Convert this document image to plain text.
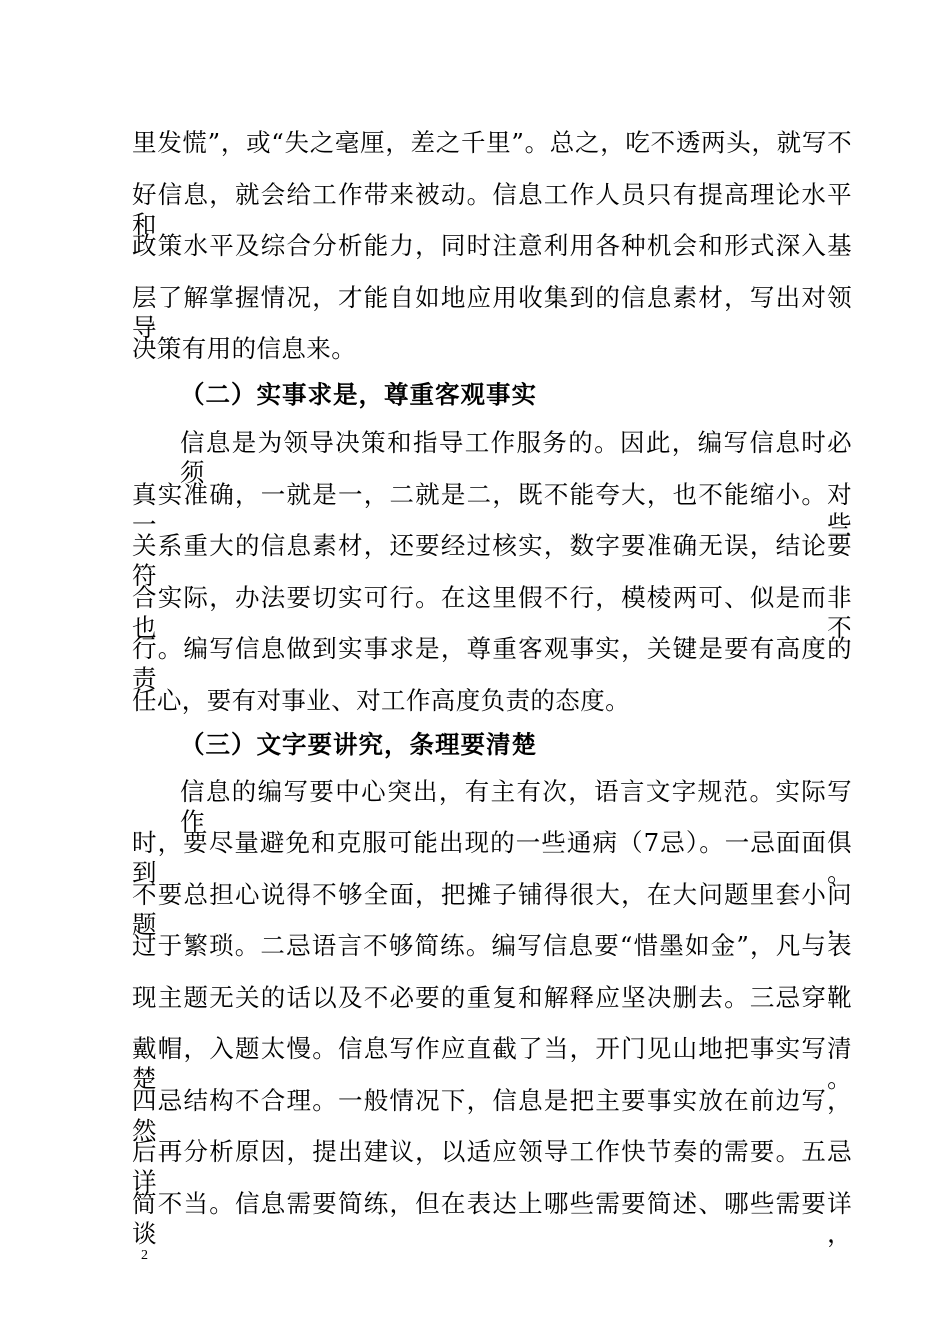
里发慌”，或“失之毫厘，差之千里”。总之，吃不透两头，就写不
好信息，就会给工作带来被动。信息工作人员只有提高理论水平和
政策水平及综合分析能力，同时注意利用各种机会和形式深入基
层了解掌握情况，才能自如地应用收集到的信息素材，写出对领导
决策有用的信息来。
（二）实事求是，尊重客观事实
信息是为领导决策和指导工作服务的。因此，编写信息时必须
真实准确，一就是一，二就是二，既不能夸大，也不能缩小。对一些
关系重大的信息素材，还要经过核实，数字要准确无误，结论要符
合实际，办法要切实可行。在这里假不行，模棱两可、似是而非也不
行。编写信息做到实事求是，尊重客观事实，关键是要有高度的责
任心，要有对事业、对工作高度负责的态度。
（三）文字要讲究，条理要清楚
信息的编写要中心突出，有主有次，语言文字规范。实际写作
时，要尽量避免和克服可能出现的一些通病（7忌）。一忌面面俱到。
不要总担心说得不够全面，把摊子铺得很大，在大问题里套小问题，
过于繁琐。二忌语言不够简练。编写信息要“惜墨如金”，凡与表
现主题无关的话以及不必要的重复和解释应坚决删去。三忌穿靴
戴帽，入题太慢。信息写作应直截了当，开门见山地把事实写清楚。
四忌结构不合理。一般情况下，信息是把主要事实放在前边写，然
后再分析原因，提出建议，以适应领导工作快节奏的需要。五忌详
简不当。信息需要简练，但在表达上哪些需要简述、哪些需要详谈，
2
